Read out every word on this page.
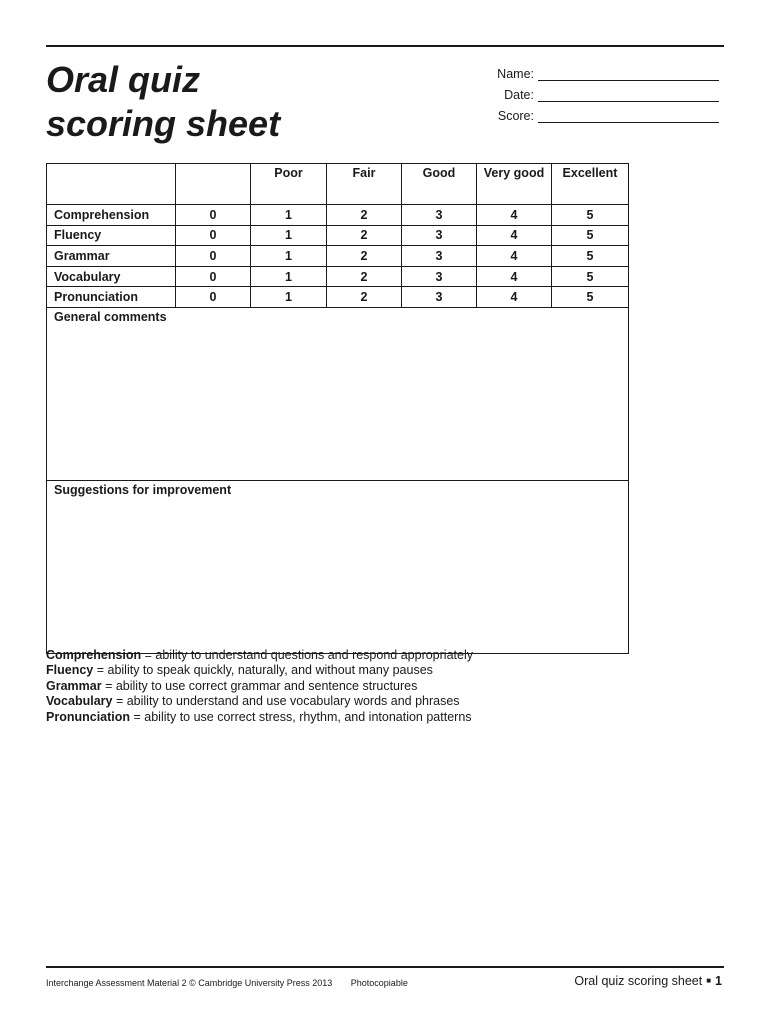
Oral quiz
scoring sheet
Name:
Date:
Score:
		Poor	Fair	Good	Very good	Excellent
Comprehension	0	1	2	3	4	5
Fluency	0	1	2	3	4	5
Grammar	0	1	2	3	4	5
Vocabulary	0	1	2	3	4	5
Pronunciation	0	1	2	3	4	5
General comments						
Suggestions for improvement						
Comprehension = ability to understand questions and respond appropriately
Fluency = ability to speak quickly, naturally, and without many pauses
Grammar = ability to use correct grammar and sentence structures
Vocabulary = ability to understand and use vocabulary words and phrases
Pronunciation = ability to use correct stress, rhythm, and intonation patterns
Interchange Assessment Material 2 © Cambridge University Press 2013 Photocopiable	Oral quiz scoring sheet ■ 1
